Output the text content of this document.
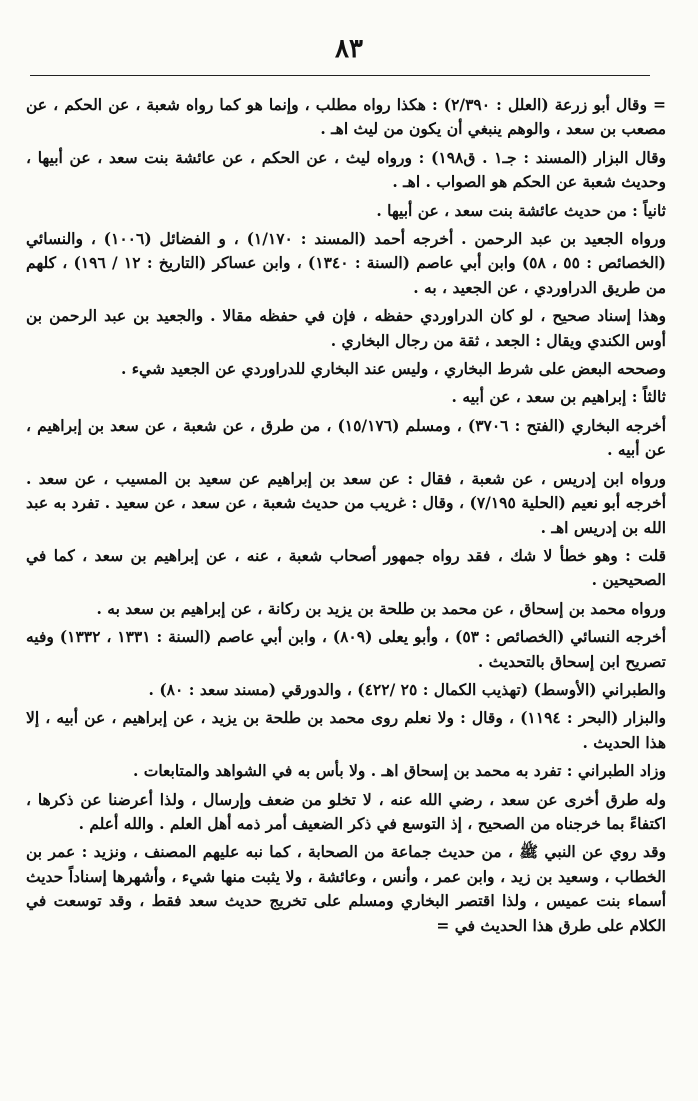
٨٣

= وقال أبو زرعة (العلل : ٢/٣٩٠) : هكذا رواه مطلب ، وإنما هو كما رواه شعبة ، عن الحكم ، عن مصعب بن سعد ، والوهم ينبغي أن يكون من ليث اهـ .

وقال البزار (المسند : جـ١ . ق١٩٨) : ورواه ليث ، عن الحكم ، عن عائشة بنت سعد ، عن أبيها ، وحديث شعبة عن الحكم هو الصواب . اهـ .

ثانياً : من حديث عائشة بنت سعد ، عن أبيها .

ورواه الجعيد بن عبد الرحمن . أخرجه أحمد (المسند : ١/١٧٠) ، و الفضائل (١٠٠٦) ، والنسائي (الخصائص : ٥٥ ، ٥٨) وابن أبي عاصم (السنة : ١٣٤٠) ، وابن عساكر (التاريخ : ١٢ / ١٩٦) ، كلهم من طريق الدراوردي ، عن الجعيد ، به .

وهذا إسناد صحيح ، لو كان الدراوردي حفظه ، فإن في حفظه مقالا . والجعيد بن عبد الرحمن بن أوس الكندي ويقال : الجعد ، ثقة من رجال البخاري .

وصححه البعض على شرط البخاري ، وليس عند البخاري للدراوردي عن الجعيد شيء .

ثالثاً : إبراهيم بن سعد ، عن أبيه .

أخرجه البخاري (الفتح : ٣٧٠٦) ، ومسلم (١٥/١٧٦) ، من طرق ، عن شعبة ، عن سعد بن إبراهيم ، عن أبيه .

ورواه ابن إدريس ، عن شعبة ، فقال : عن سعد بن إبراهيم عن سعيد بن المسيب ، عن سعد . أخرجه أبو نعيم (الحلية ٧/١٩٥) ، وقال : غريب من حديث شعبة ، عن سعد ، عن سعيد . تفرد به عبد الله بن إدريس اهـ .

قلت : وهو خطأ لا شك ، فقد رواه جمهور أصحاب شعبة ، عنه ، عن إبراهيم بن سعد ، كما في الصحيحين .

ورواه محمد بن إسحاق ، عن محمد بن طلحة بن يزيد بن ركانة ، عن إبراهيم بن سعد به .

أخرجه النسائي (الخصائص : ٥٣) ، وأبو يعلى (٨٠٩) ، وابن أبي عاصم (السنة : ١٣٣١ ، ١٣٣٢) وفيه تصريح ابن إسحاق بالتحديث .

والطبراني (الأوسط) (تهذيب الكمال : ٢٥ /٤٢٢) ، والدورقي (مسند سعد : ٨٠) .

والبزار (البحر : ١١٩٤) ، وقال : ولا نعلم روى محمد بن طلحة بن يزيد ، عن إبراهيم ، عن أبيه ، إلا هذا الحديث .

وزاد الطبراني : تفرد به محمد بن إسحاق اهـ . ولا بأس به في الشواهد والمتابعات .

وله طرق أخرى عن سعد ، رضي الله عنه ، لا تخلو من ضعف وإرسال ، ولذا أعرضنا عن ذكرها ، اكتفاءً بما خرجناه من الصحيح ، إذ التوسع في ذكر الضعيف أمر ذمه أهل العلم . والله أعلم .

وقد روي عن النبي ﷺ ، من حديث جماعة من الصحابة ، كما نبه عليهم المصنف ، ونزيد : عمر بن الخطاب ، وسعيد بن زيد ، وابن عمر ، وأنس ، وعائشة ، ولا يثبت منها شيء ، وأشهرها إسناداً حديث أسماء بنت عميس ، ولذا اقتصر البخاري ومسلم على تخريج حديث سعد فقط ، وقد توسعت في الكلام على طرق هذا الحديث في =
